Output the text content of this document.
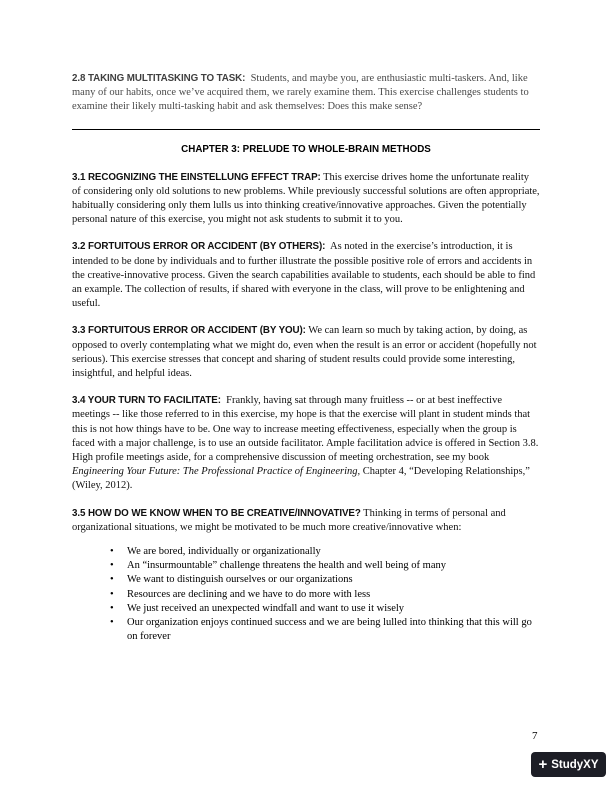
2.8 TAKING MULTITASKING TO TASK: Students, and maybe you, are enthusiastic multi-taskers. And, like many of our habits, once we’ve acquired them, we rarely examine them. This exercise challenges students to examine their likely multi-tasking habit and ask themselves: Does this make sense?

CHAPTER 3: PRELUDE TO WHOLE-BRAIN METHODS

3.1 RECOGNIZING THE EINSTELLUNG EFFECT TRAP: This exercise drives home the unfortunate reality of considering only old solutions to new problems. While previously successful solutions are often appropriate, habitually considering only them lulls us into thinking creative/innovative approaches. Given the potentially personal nature of this exercise, you might not ask students to submit it to you.

3.2 FORTUITOUS ERROR OR ACCIDENT (BY OTHERS): As noted in the exercise’s introduction, it is intended to be done by individuals and to further illustrate the possible positive role of errors and accidents in the creative-innovative process. Given the search capabilities available to students, each should be able to find an example. The collection of results, if shared with everyone in the class, will prove to be enlightening and useful.

3.3 FORTUITOUS ERROR OR ACCIDENT (BY YOU): We can learn so much by taking action, by doing, as opposed to overly contemplating what we might do, even when the result is an error or accident (hopefully not serious). This exercise stresses that concept and sharing of student results could provide some interesting, insightful, and helpful ideas.

3.4 YOUR TURN TO FACILITATE: Frankly, having sat through many fruitless -- or at best ineffective meetings -- like those referred to in this exercise, my hope is that the exercise will plant in student minds that this is not how things have to be. One way to increase meeting effectiveness, especially when the group is faced with a major challenge, is to use an outside facilitator. Ample facilitation advice is offered in Section 3.8. High profile meetings aside, for a comprehensive discussion of meeting orchestration, see my book Engineering Your Future: The Professional Practice of Engineering, Chapter 4, “Developing Relationships,” (Wiley, 2012).

3.5 HOW DO WE KNOW WHEN TO BE CREATIVE/INNOVATIVE? Thinking in terms of personal and organizational situations, we might be motivated to be much more creative/innovative when:

•	We are bored, individually or organizationally
•	An “insurmountable” challenge threatens the health and well being of many
•	We want to distinguish ourselves or our organizations
•	Resources are declining and we have to do more with less
•	We just received an unexpected windfall and want to use it wisely
•	Our organization enjoys continued success and we are being lulled into thinking that this will go on forever
7
+ StudyXY
